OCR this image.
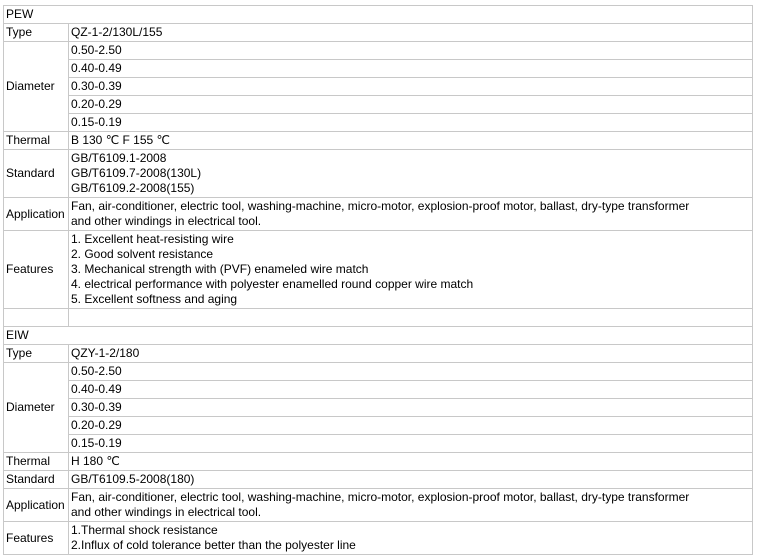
PEW	
Type	QZ-1-2/130L/155
Diameter	0.50-2.50
	0.40-0.49
	0.30-0.39
	0.20-0.29
	0.15-0.19
Thermal	B 130 ℃ F 155 ℃
Standard	GB/T6109.1-2008
GB/T6109.7-2008(130L)
GB/T6109.2-2008(155)

Application	Fan, air-conditioner, electric tool, washing-machine, micro-motor, explosion-proof motor, ballast, dry-type transformer
and other windings in electrical tool.

Features	1. Excellent heat-resisting wire
2. Good solvent resistance
3. Mechanical strength with (PVF) enameled wire match
4. electrical performance with polyester enamelled round copper wire match
5. Excellent softness and aging

EIW	
Type	QZY-1-2/180
Diameter	0.50-2.50
	0.40-0.49
	0.30-0.39
	0.20-0.29
	0.15-0.19
Thermal	H 180 ℃
Standard	GB/T6109.5-2008(180)
Application	Fan, air-conditioner, electric tool, washing-machine, micro-motor, explosion-proof motor, ballast, dry-type transformer
and other windings in electrical tool.

Features	1.Thermal shock resistance
2.Influx of cold tolerance better than the polyester line
